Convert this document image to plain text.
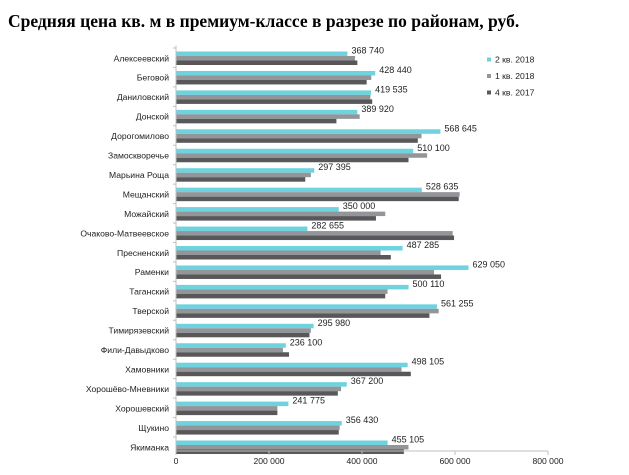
Средняя цена кв. м в премиум-классе в разрезе по районам, руб.
Алексеевский
368 740
Беговой
428 440
Даниловский
419 535
Донской
389 920
Дорогомилово
568 645
Замоскворечье
510 100
Марьина Роща
297 395
Мещанский
528 635
Можайский
350 000
Очаково-Матвеевское
282 655
Пресненский
487 285
Раменки
629 050
Таганский
500 110
Тверской
561 255
Тимирязевский
295 980
Фили-Давыдково
236 100
Хамовники
498 105
Хорошёво-Мневники
367 200
Хорошевский
241 775
Щукино
356 430
Якиманка
455 105
0	200 000	400 000	600 000	800 000
2 кв. 2018
1 кв. 2018
4 кв. 2017
